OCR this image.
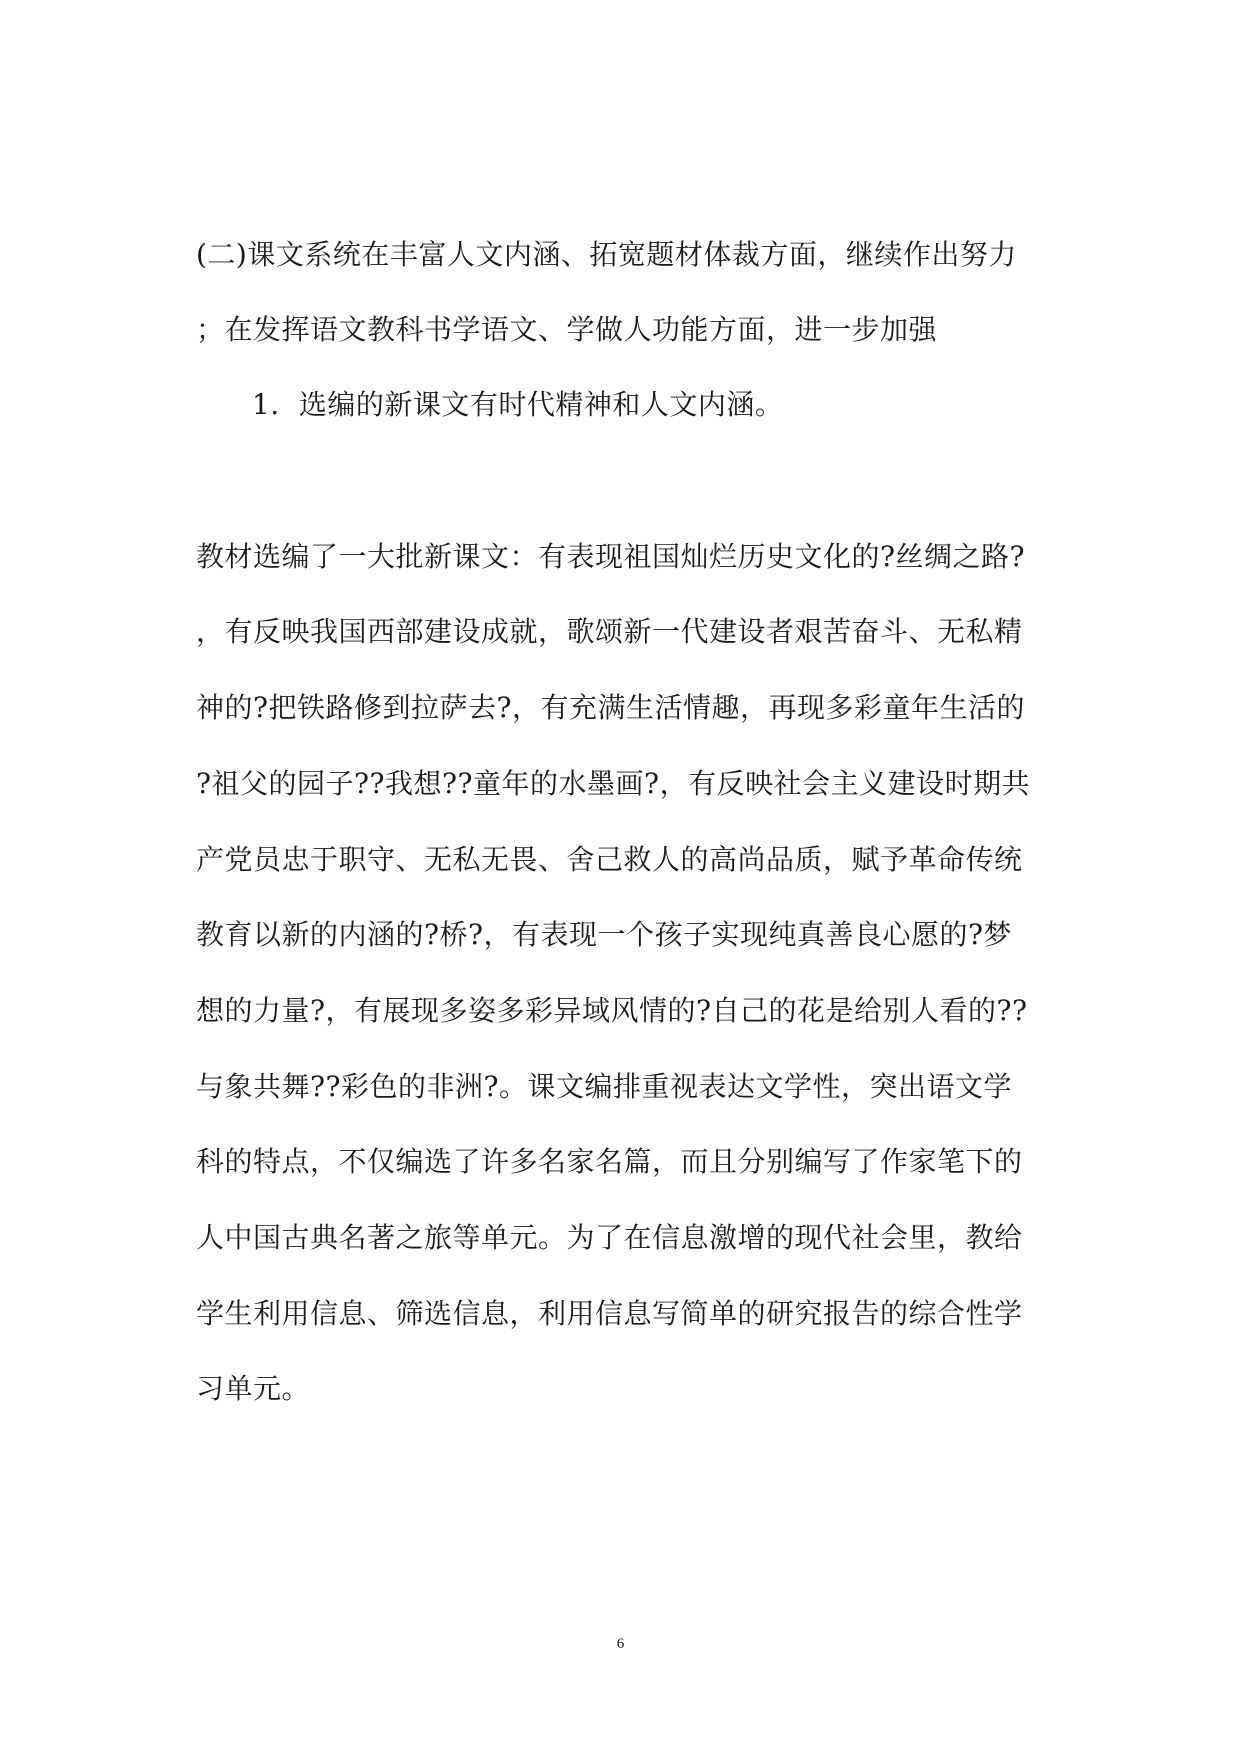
(二)课文系统在丰富人文内涵、拓宽题材体裁方面，继续作出努力
；在发挥语文教科书学语文、学做人功能方面，进一步加强
1．选编的新课文有时代精神和人文内涵。
教材选编了一大批新课文：有表现祖国灿烂历史文化的?丝绸之路?
，有反映我国西部建设成就，歌颂新一代建设者艰苦奋斗、无私精
神的?把铁路修到拉萨去?，有充满生活情趣，再现多彩童年生活的
?祖父的园子??我想??童年的水墨画?，有反映社会主义建设时期共
产党员忠于职守、无私无畏、舍己救人的高尚品质，赋予革命传统
教育以新的内涵的?桥?，有表现一个孩子实现纯真善良心愿的?梦
想的力量?，有展现多姿多彩异域风情的?自己的花是给别人看的??
与象共舞??彩色的非洲?。课文编排重视表达文学性，突出语文学
科的特点，不仅编选了许多名家名篇，而且分别编写了作家笔下的
人中国古典名著之旅等单元。为了在信息激增的现代社会里，教给
学生利用信息、筛选信息，利用信息写简单的研究报告的综合性学
习单元。
6
